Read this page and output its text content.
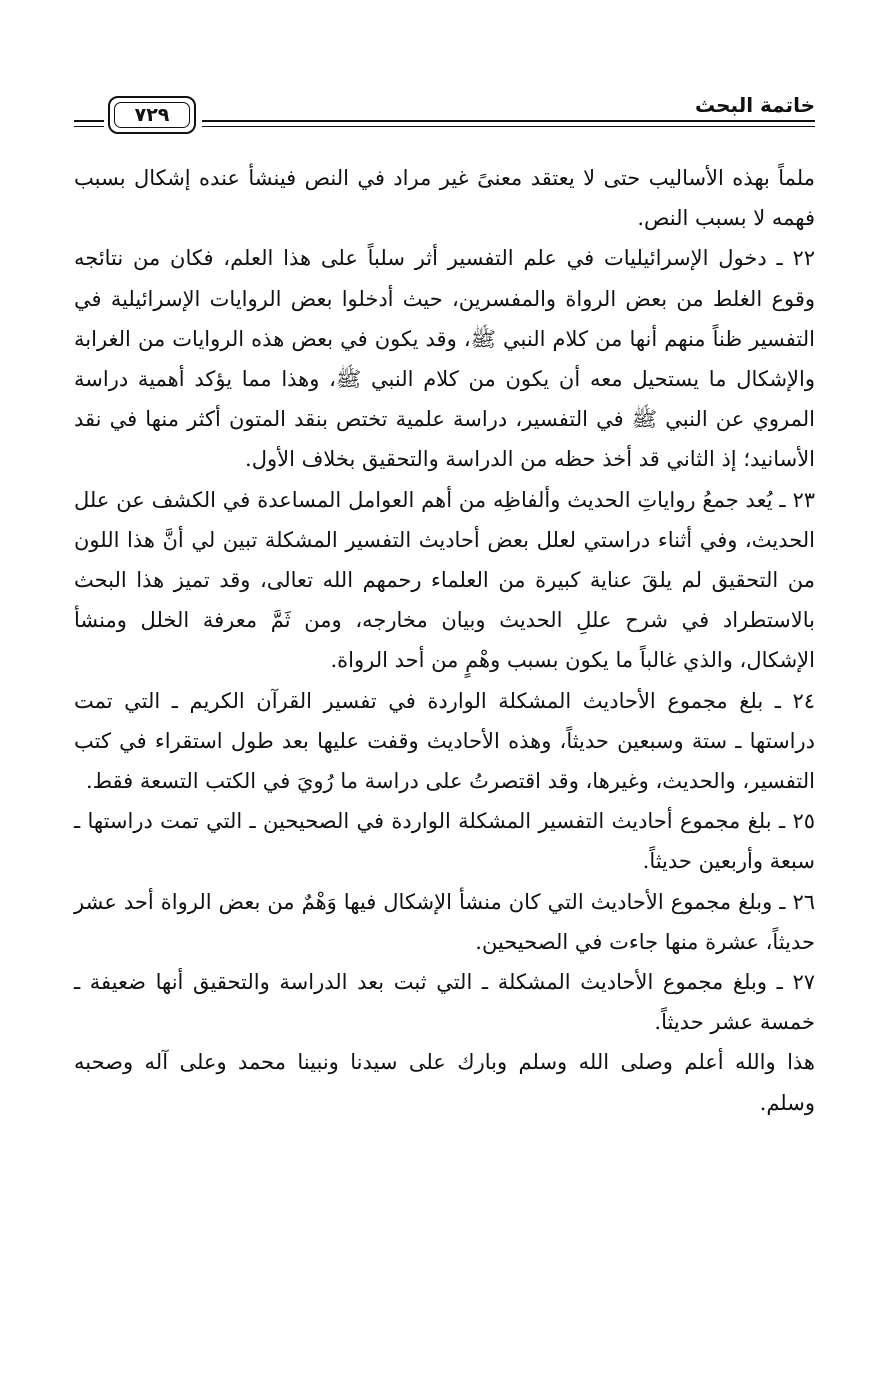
خاتمة البحث
٧٢٩

ملماً بهذه الأساليب حتى لا يعتقد معنىً غير مراد في النص فينشأ عنده إشكال بسبب فهمه لا بسبب النص.

٢٢ ـ دخول الإسرائيليات في علم التفسير أثر سلباً على هذا العلم، فكان من نتائجه وقوع الغلط من بعض الرواة والمفسرين، حيث أدخلوا بعض الروايات الإسرائيلية في التفسير ظناً منهم أنها من كلام النبي ﷺ، وقد يكون في بعض هذه الروايات من الغرابة والإشكال ما يستحيل معه أن يكون من كلام النبي ﷺ، وهذا مما يؤكد أهمية دراسة المروي عن النبي ﷺ في التفسير، دراسة علمية تختص بنقد المتون أكثر منها في نقد الأسانيد؛ إذ الثاني قد أخذ حظه من الدراسة والتحقيق بخلاف الأول.

٢٣ ـ يُعد جمعُ رواياتِ الحديث وألفاظِه من أهم العوامل المساعدة في الكشف عن علل الحديث، وفي أثناء دراستي لعلل بعض أحاديث التفسير المشكلة تبين لي أنَّ هذا اللون من التحقيق لم يلقَ عناية كبيرة من العلماء رحمهم الله تعالى، وقد تميز هذا البحث بالاستطراد في شرح عللِ الحديث وبيان مخارجه، ومن ثَمَّ معرفة الخلل ومنشأ الإشكال، والذي غالباً ما يكون بسبب وهْمٍ من أحد الرواة.

٢٤ ـ بلغ مجموع الأحاديث المشكلة الواردة في تفسير القرآن الكريم ـ التي تمت دراستها ـ ستة وسبعين حديثاً، وهذه الأحاديث وقفت عليها بعد طول استقراء في كتب التفسير، والحديث، وغيرها، وقد اقتصرتُ على دراسة ما رُويَ في الكتب التسعة فقط.

٢٥ ـ بلغ مجموع أحاديث التفسير المشكلة الواردة في الصحيحين ـ التي تمت دراستها ـ سبعة وأربعين حديثاً.

٢٦ ـ وبلغ مجموع الأحاديث التي كان منشأ الإشكال فيها وَهْمٌ من بعض الرواة أحد عشر حديثاً، عشرة منها جاءت في الصحيحين.

٢٧ ـ وبلغ مجموع الأحاديث المشكلة ـ التي ثبت بعد الدراسة والتحقيق أنها ضعيفة ـ خمسة عشر حديثاً.

هذا والله أعلم وصلى الله وسلم وبارك على سيدنا ونبينا محمد وعلى آله وصحبه وسلم.
